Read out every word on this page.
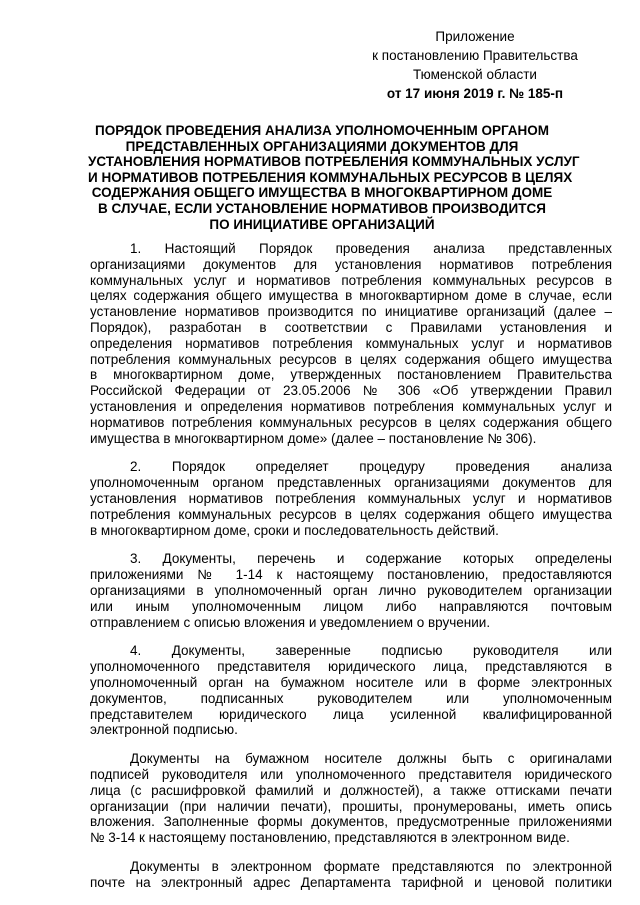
Приложение
к постановлению Правительства
Тюменской области
от 17 июня 2019 г. № 185-п
ПОРЯДОК ПРОВЕДЕНИЯ АНАЛИЗА УПОЛНОМОЧЕННЫМ ОРГАНОМ
ПРЕДСТАВЛЕННЫХ ОРГАНИЗАЦИЯМИ ДОКУМЕНТОВ ДЛЯ
УСТАНОВЛЕНИЯ НОРМАТИВОВ ПОТРЕБЛЕНИЯ КОММУНАЛЬНЫХ УСЛУГ
И НОРМАТИВОВ ПОТРЕБЛЕНИЯ КОММУНАЛЬНЫХ РЕСУРСОВ В ЦЕЛЯХ
СОДЕРЖАНИЯ ОБЩЕГО ИМУЩЕСТВА В МНОГОКВАРТИРНОМ ДОМЕ
В СЛУЧАЕ, ЕСЛИ УСТАНОВЛЕНИЕ НОРМАТИВОВ ПРОИЗВОДИТСЯ
ПО ИНИЦИАТИВЕ ОРГАНИЗАЦИЙ
1. Настоящий Порядок проведения анализа представленных
организациями документов для установления нормативов потребления
коммунальных услуг и нормативов потребления коммунальных ресурсов в
целях содержания общего имущества в многоквартирном доме в случае, если
установление нормативов производится по инициативе организаций (далее –
Порядок), разработан в соответствии с Правилами установления и
определения нормативов потребления коммунальных услуг и нормативов
потребления коммунальных ресурсов в целях содержания общего имущества
в многоквартирном доме, утвержденных постановлением Правительства
Российской Федерации от 23.05.2006 № 306 «Об утверждении Правил
установления и определения нормативов потребления коммунальных услуг и
нормативов потребления коммунальных ресурсов в целях содержания общего
имущества в многоквартирном доме» (далее – постановление № 306).
2. Порядок определяет процедуру проведения анализа
уполномоченным органом представленных организациями документов для
установления нормативов потребления коммунальных услуг и нормативов
потребления коммунальных ресурсов в целях содержания общего имущества
в многоквартирном доме, сроки и последовательность действий.
3. Документы, перечень и содержание которых определены
приложениями № 1-14 к настоящему постановлению, предоставляются
организациями в уполномоченный орган лично руководителем организации
или иным уполномоченным лицом либо направляются почтовым
отправлением с описью вложения и уведомлением о вручении.
4. Документы, заверенные подписью руководителя или
уполномоченного представителя юридического лица, представляются в
уполномоченный орган на бумажном носителе или в форме электронных
документов, подписанных руководителем или уполномоченным
представителем юридического лица усиленной квалифицированной
электронной подписью.
Документы на бумажном носителе должны быть с оригиналами
подписей руководителя или уполномоченного представителя юридического
лица (с расшифровкой фамилий и должностей), а также оттисками печати
организации (при наличии печати), прошиты, пронумерованы, иметь опись
вложения. Заполненные формы документов, предусмотренные приложениями
№ 3-14 к настоящему постановлению, представляются в электронном виде.
Документы в электронном формате представляются по электронной
почте на электронный адрес Департамента тарифной и ценовой политики
